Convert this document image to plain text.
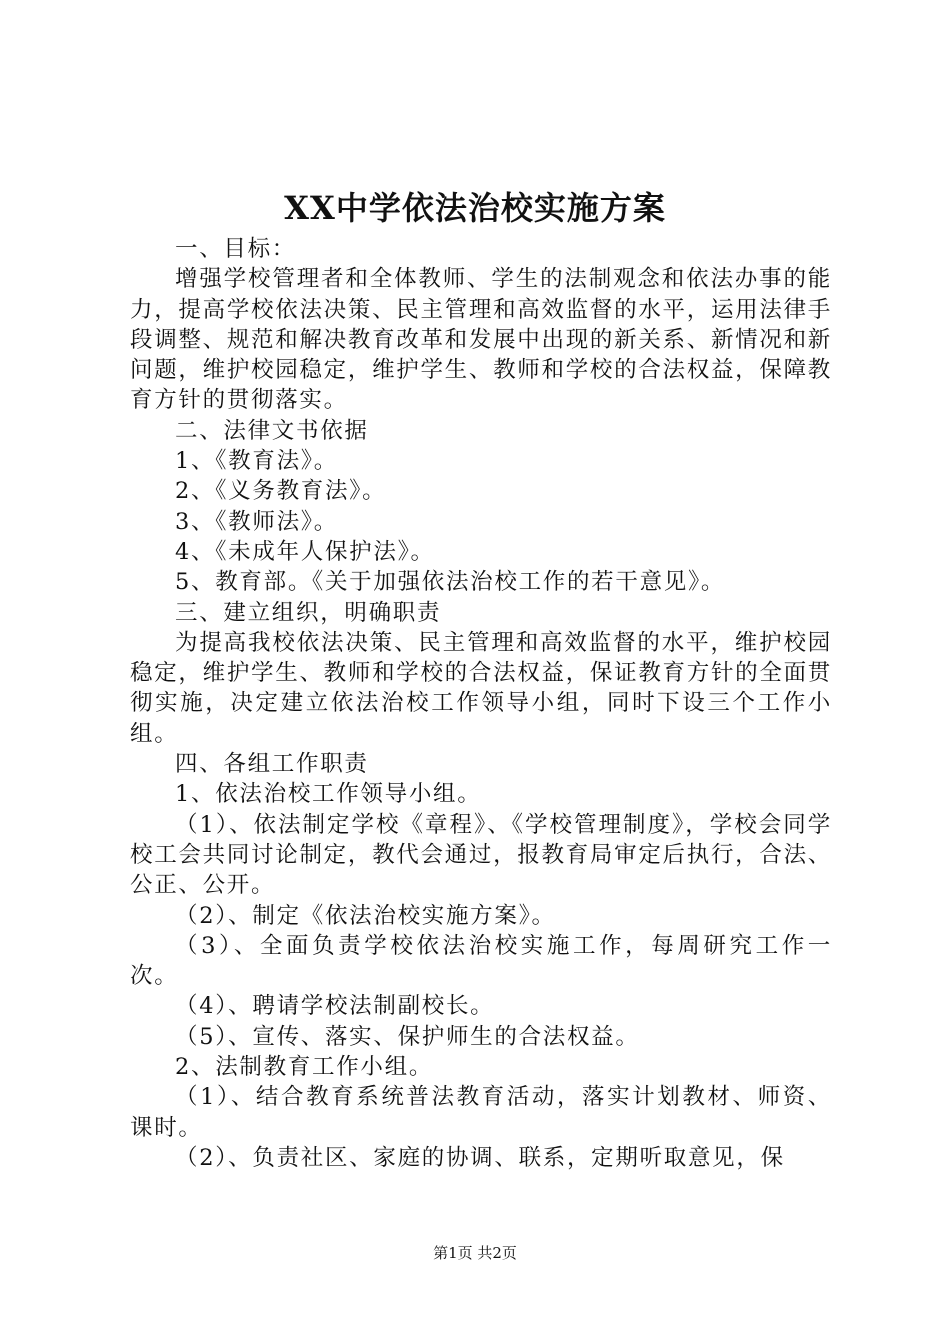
XX中学依法治校实施方案

一、目标：

增强学校管理者和全体教师、学生的法制观念和依法办事的能力，提高学校依法决策、民主管理和高效监督的水平，运用法律手段调整、规范和解决教育改革和发展中出现的新关系、新情况和新问题，维护校园稳定，维护学生、教师和学校的合法权益，保障教育方针的贯彻落实。

二、法律文书依据

1、《教育法》。

2、《义务教育法》。

3、《教师法》。

4、《未成年人保护法》。

5、教育部。《关于加强依法治校工作的若干意见》。

三、建立组织，明确职责

为提高我校依法决策、民主管理和高效监督的水平，维护校园稳定，维护学生、教师和学校的合法权益，保证教育方针的全面贯彻实施，决定建立依法治校工作领导小组，同时下设三个工作小组。

四、各组工作职责

1、依法治校工作领导小组。

（1）、依法制定学校《章程》、《学校管理制度》，学校会同学校工会共同讨论制定，教代会通过，报教育局审定后执行，合法、公正、公开。

（2）、制定《依法治校实施方案》。

（3）、全面负责学校依法治校实施工作，每周研究工作一次。

（4）、聘请学校法制副校长。

（5）、宣传、落实、保护师生的合法权益。

2、法制教育工作小组。

（1）、结合教育系统普法教育活动，落实计划教材、师资、课时。

（2）、负责社区、家庭的协调、联系，定期听取意见，保

第1页 共2页
